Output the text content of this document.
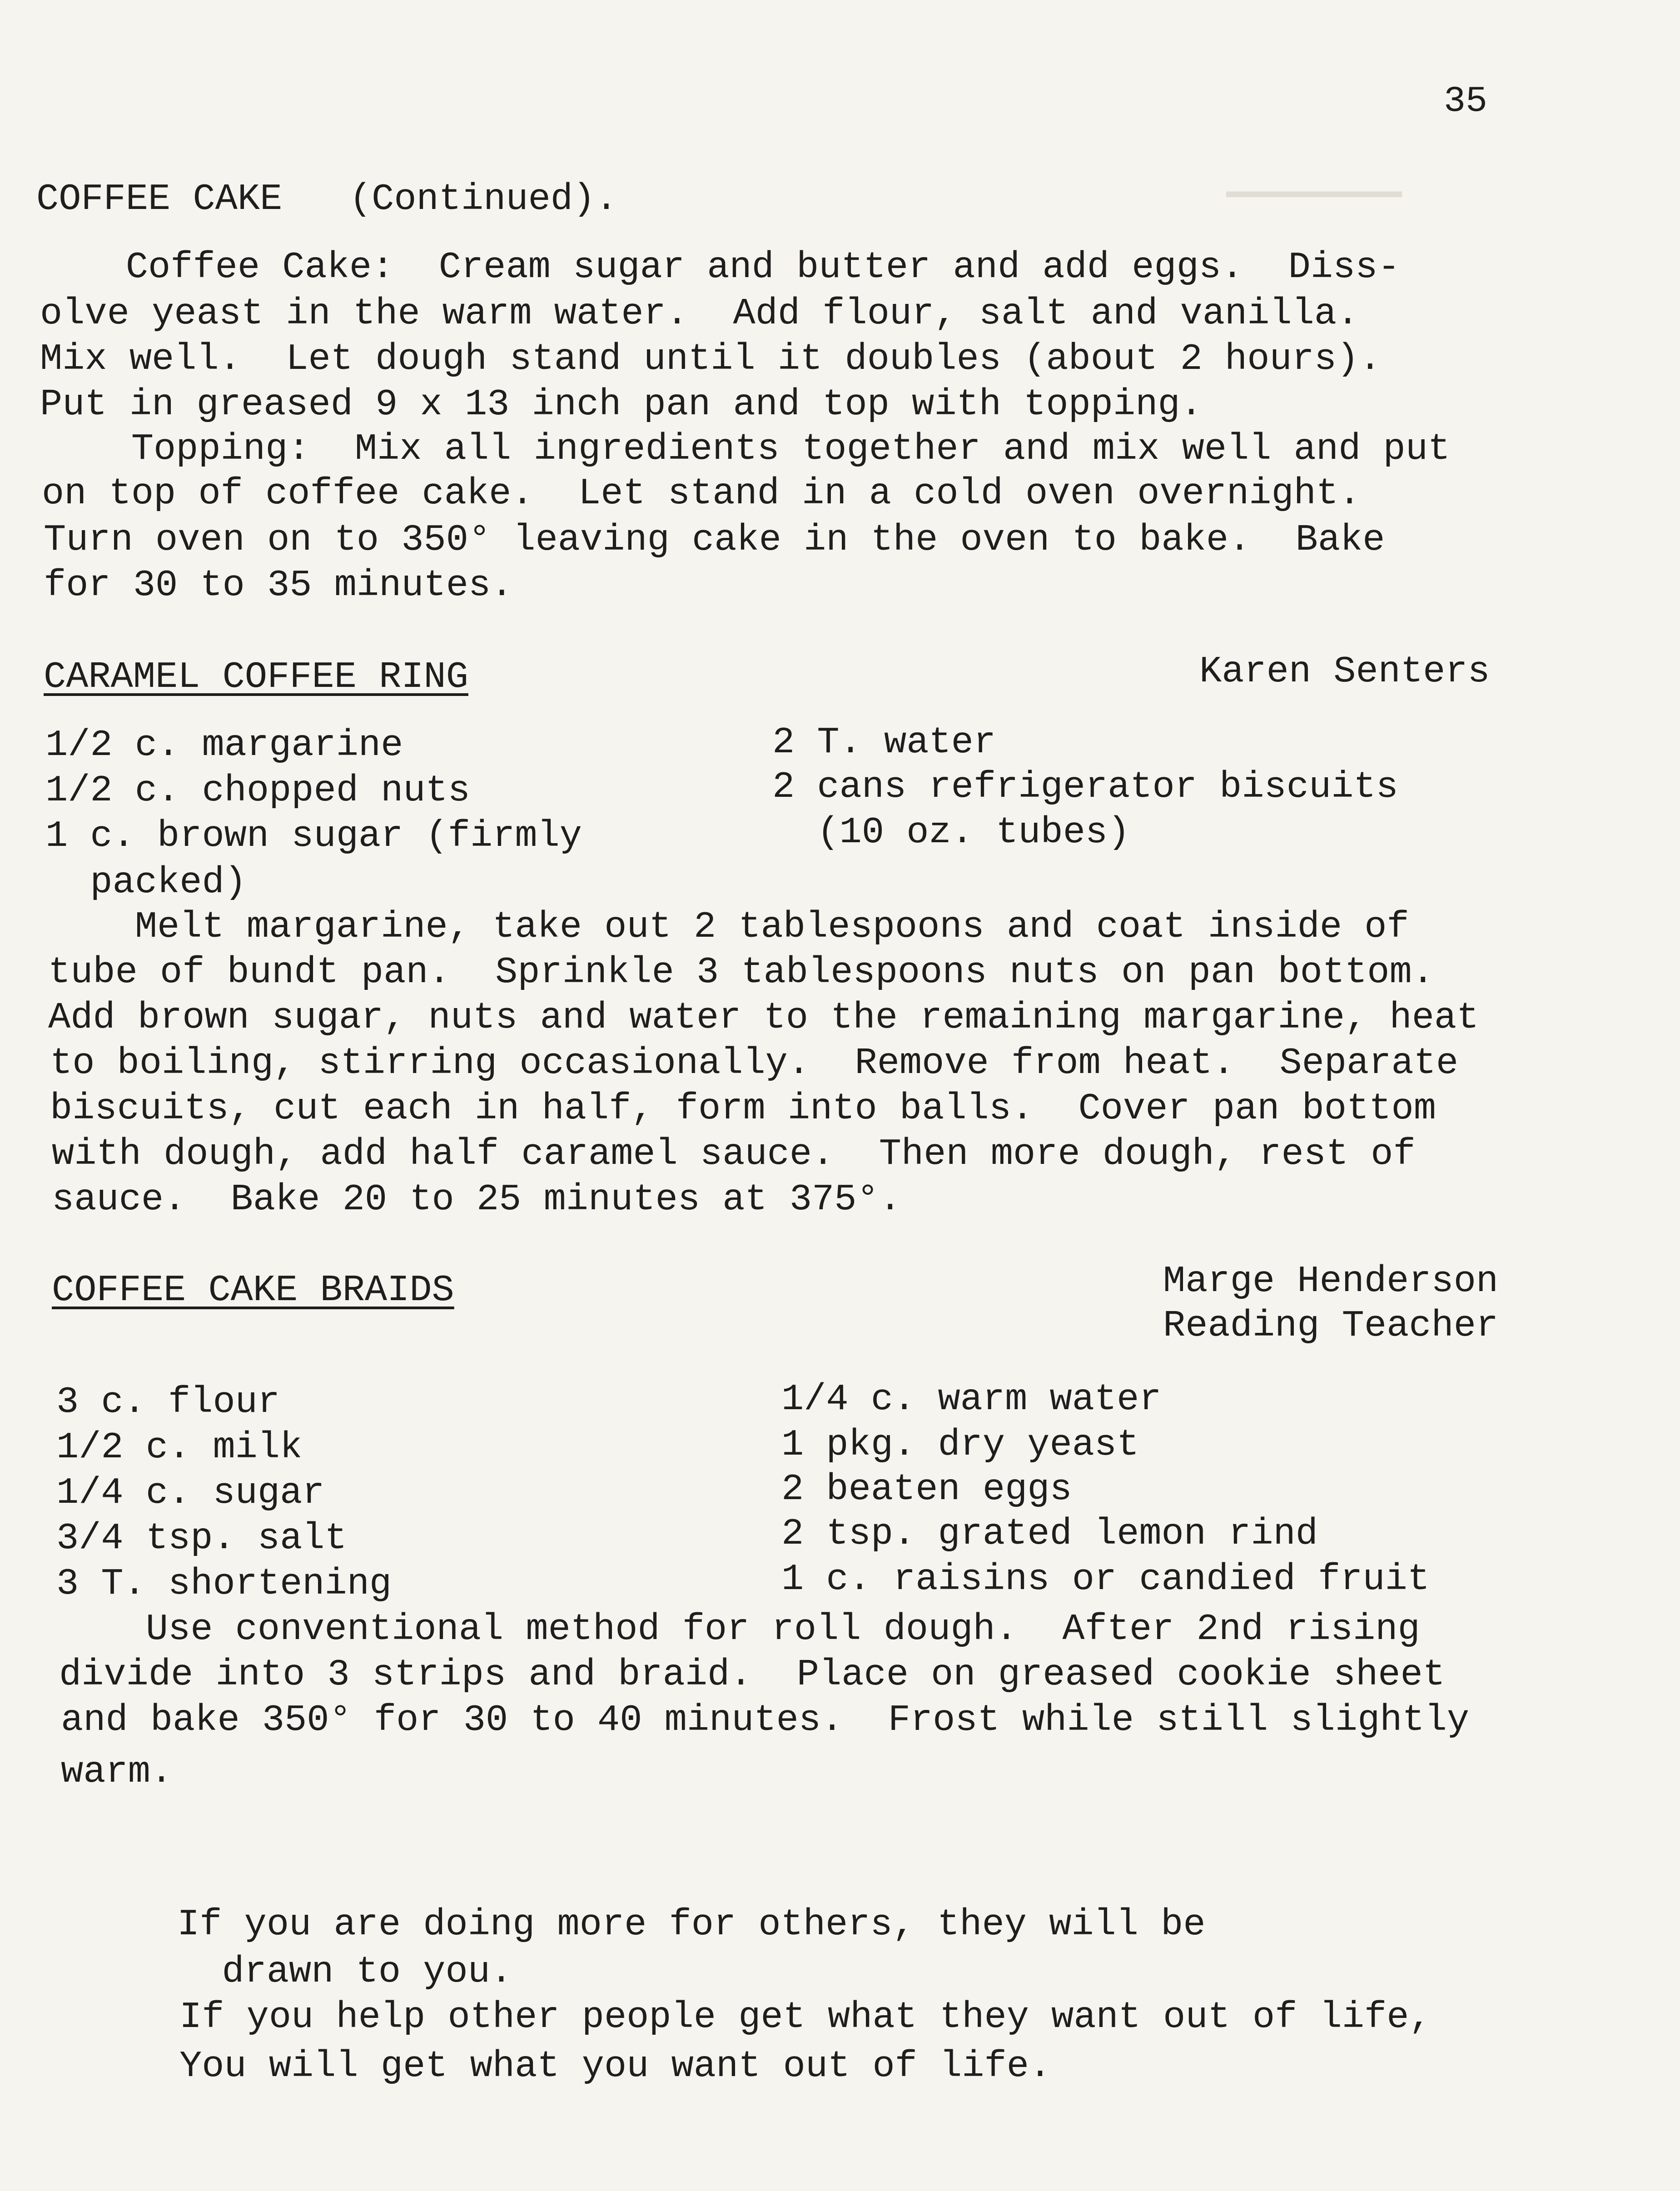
▁▁▁▁▁▁▁▁
35
COFFEE CAKE   (Continued).
Coffee Cake:  Cream sugar and butter and add eggs.  Diss-
olve yeast in the warm water.  Add flour, salt and vanilla.
Mix well.  Let dough stand until it doubles (about 2 hours).
Put in greased 9 x 13 inch pan and top with topping.
Topping:  Mix all ingredients together and mix well and put
on top of coffee cake.  Let stand in a cold oven overnight.
Turn oven on to 350° leaving cake in the oven to bake.  Bake
for 30 to 35 minutes.
CARAMEL COFFEE RING	Karen Senters
1/2 c. margarine
1/2 c. chopped nuts
1 c. brown sugar (firmly
packed)
2 T. water
2 cans refrigerator biscuits
(10 oz. tubes)
Melt margarine, take out 2 tablespoons and coat inside of
tube of bundt pan.  Sprinkle 3 tablespoons nuts on pan bottom.
Add brown sugar, nuts and water to the remaining margarine, heat
to boiling, stirring occasionally.  Remove from heat.  Separate
biscuits, cut each in half, form into balls.  Cover pan bottom
with dough, add half caramel sauce.  Then more dough, rest of
sauce.  Bake 20 to 25 minutes at 375°.
COFFEE CAKE BRAIDS	Marge Henderson
Reading Teacher
3 c. flour
1/2 c. milk
1/4 c. sugar
3/4 tsp. salt
3 T. shortening
1/4 c. warm water
1 pkg. dry yeast
2 beaten eggs
2 tsp. grated lemon rind
1 c. raisins or candied fruit
Use conventional method for roll dough.  After 2nd rising
divide into 3 strips and braid.  Place on greased cookie sheet
and bake 350° for 30 to 40 minutes.  Frost while still slightly
warm.
If you are doing more for others, they will be
drawn to you.
If you help other people get what they want out of life,
You will get what you want out of life.
